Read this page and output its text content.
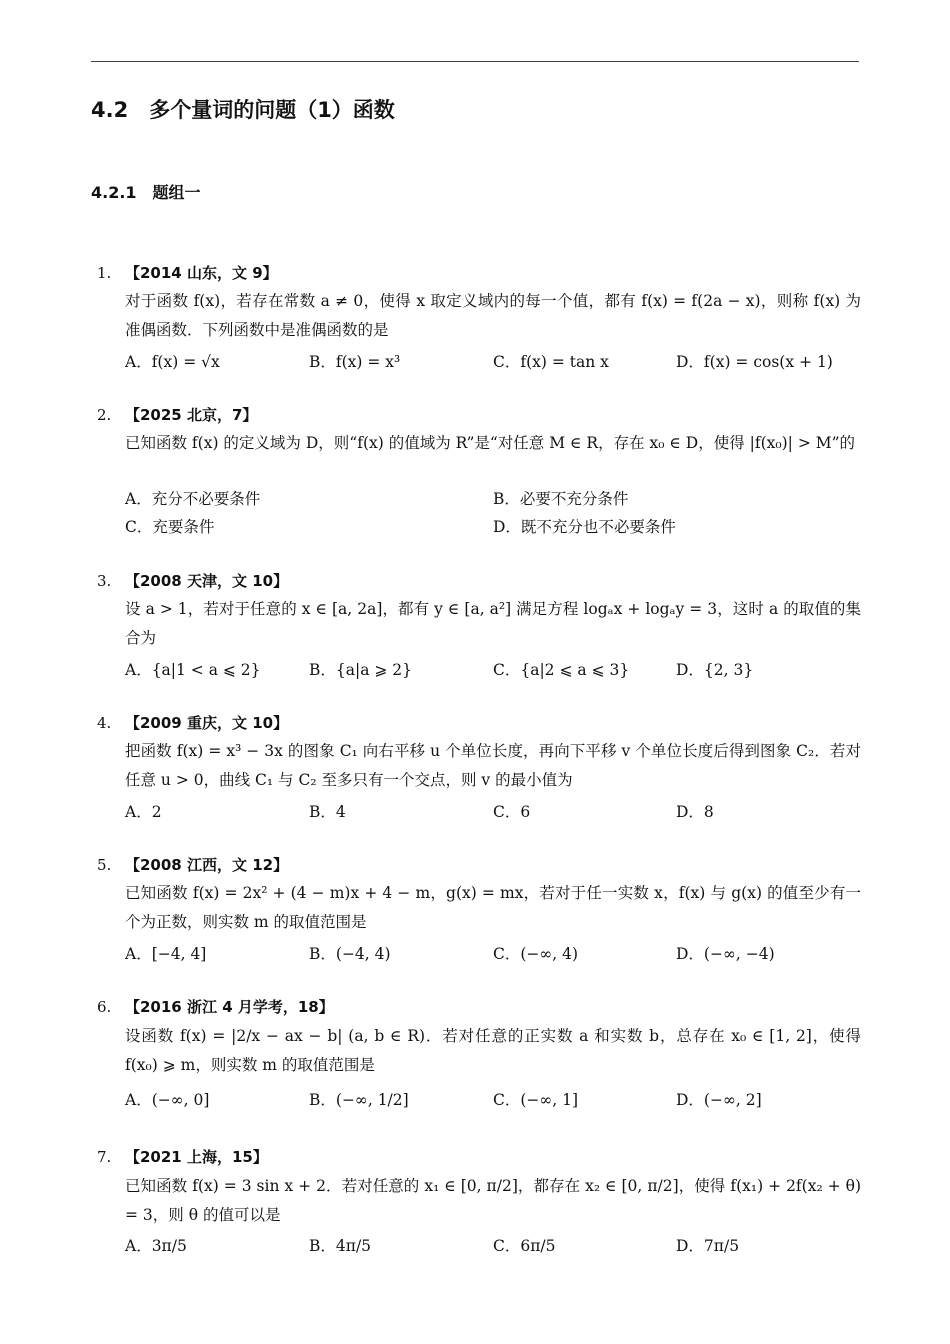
4.2　多个量词的问题（1）函数
4.2.1　题组一
1. 【2014 山东，文 9】
对于函数 f(x)，若存在常数 a ≠ 0，使得 x 取定义域内的每一个值，都有 f(x) = f(2a − x)，则称 f(x) 为准偶函数．下列函数中是准偶函数的是
A．f(x) = √x	B．f(x) = x³	C．f(x) = tan x	D．f(x) = cos(x + 1)
2. 【2025 北京，7】
已知函数 f(x) 的定义域为 D，则“f(x) 的值域为 R”是“对任意 M ∈ R，存在 x₀ ∈ D，使得 |f(x₀)| > M”的
A．充分不必要条件	B．必要不充分条件
C．充要条件	D．既不充分也不必要条件
3. 【2008 天津，文 10】
设 a > 1，若对于任意的 x ∈ [a, 2a]，都有 y ∈ [a, a²] 满足方程 logₐx + logₐy = 3，这时 a 的取值的集合为
A．{a|1 < a ⩽ 2}	B．{a|a ⩾ 2}	C．{a|2 ⩽ a ⩽ 3}	D．{2, 3}
4. 【2009 重庆，文 10】
把函数 f(x) = x³ − 3x 的图象 C₁ 向右平移 u 个单位长度，再向下平移 v 个单位长度后得到图象 C₂．若对任意 u > 0，曲线 C₁ 与 C₂ 至多只有一个交点，则 v 的最小值为
A．2	B．4	C．6	D．8
5. 【2008 江西，文 12】
已知函数 f(x) = 2x² + (4 − m)x + 4 − m，g(x) = mx，若对于任一实数 x，f(x) 与 g(x) 的值至少有一个为正数，则实数 m 的取值范围是
A．[−4, 4]	B．(−4, 4)	C．(−∞, 4)	D．(−∞, −4)
6. 【2016 浙江 4 月学考，18】
设函数 f(x) = |2/x − ax − b| (a, b ∈ R)．若对任意的正实数 a 和实数 b，总存在 x₀ ∈ [1, 2]，使得 f(x₀) ⩾ m，则实数 m 的取值范围是
A．(−∞, 0]	B．(−∞, 1/2]	C．(−∞, 1]	D．(−∞, 2]
7. 【2021 上海，15】
已知函数 f(x) = 3 sin x + 2．若对任意的 x₁ ∈ [0, π/2]，都存在 x₂ ∈ [0, π/2]，使得 f(x₁) + 2f(x₂ + θ) = 3，则 θ 的值可以是
A．3π/5	B．4π/5	C．6π/5	D．7π/5
